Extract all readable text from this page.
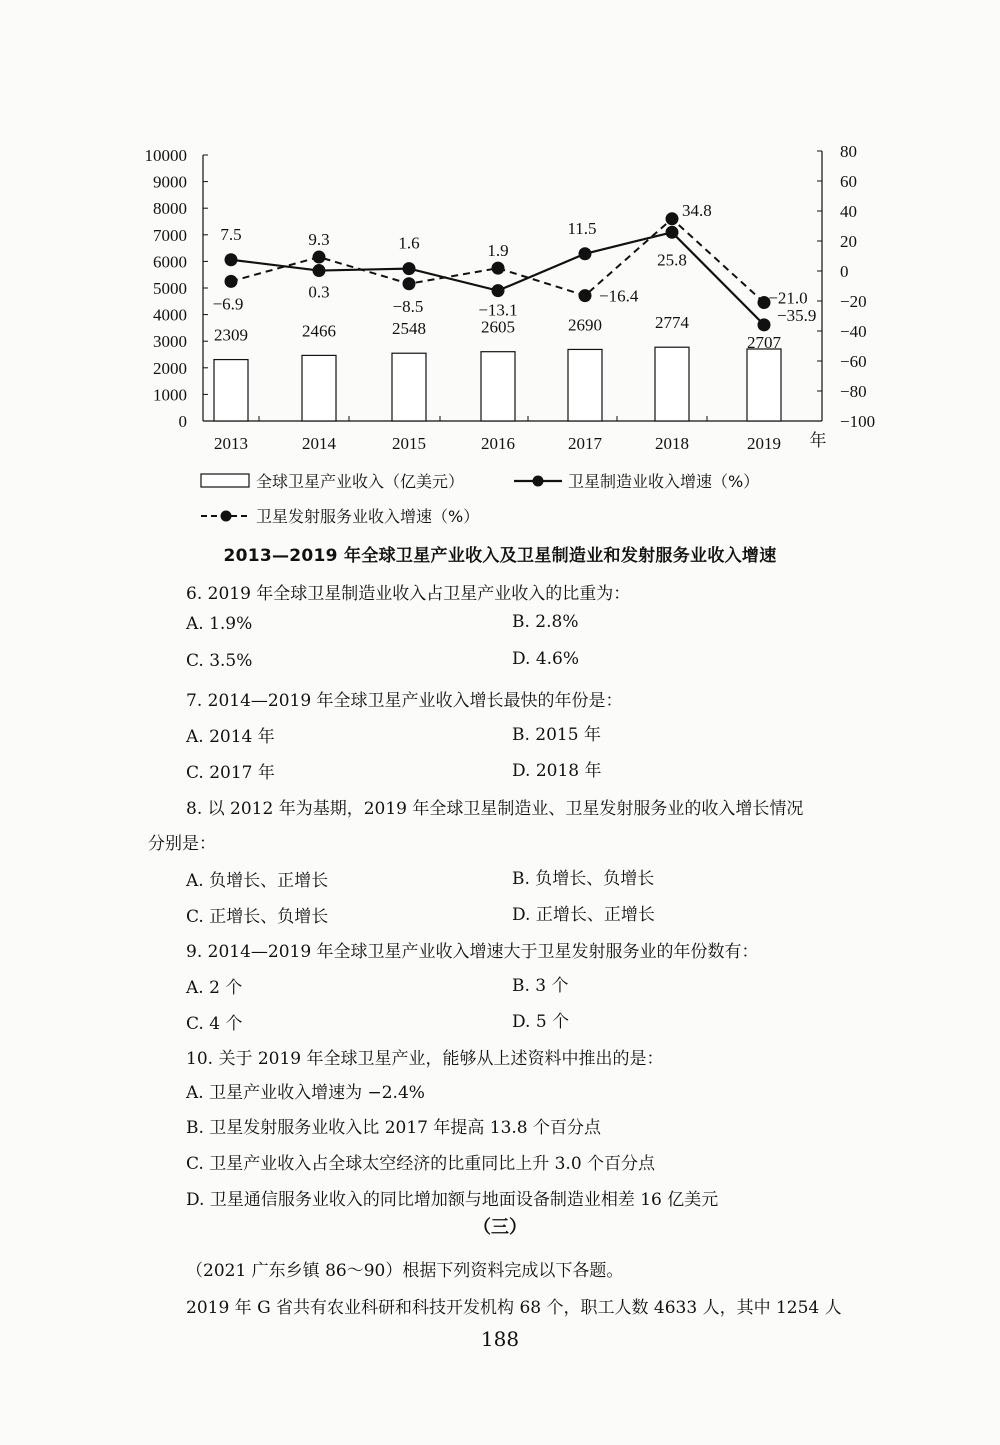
10000
9000
8000
7000
6000
5000
4000
3000
2000
1000
0
80
60
40
20
0
−20
−40
−60
−80
−100
2013	2014	2015	2016	2017	2018	2019 年
2309	2466	2548	2605	2690	2774
2707
7.5
0.3
1.6
−13.1
11.5
25.8
−35.9
−6.9
9.3
−8.5
1.9
−16.4
34.8
−21.0
全球卫星产业收入（亿美元）	卫星制造业收入增速（%）
卫星发射服务业收入增速（%）
2013—2019 年全球卫星产业收入及卫星制造业和发射服务业收入增速
6. 2019 年全球卫星制造业收入占卫星产业收入的比重为：
A. 1.9%	B. 2.8%
C. 3.5%	D. 4.6%
7. 2014—2019 年全球卫星产业收入增长最快的年份是：
A. 2014 年	B. 2015 年
C. 2017 年	D. 2018 年
8. 以 2012 年为基期，2019 年全球卫星制造业、卫星发射服务业的收入增长情况
分别是：
A. 负增长、正增长	B. 负增长、负增长
C. 正增长、负增长	D. 正增长、正增长
9. 2014—2019 年全球卫星产业收入增速大于卫星发射服务业的年份数有：
A. 2 个	B. 3 个
C. 4 个	D. 5 个
10. 关于 2019 年全球卫星产业，能够从上述资料中推出的是：
A. 卫星产业收入增速为 −2.4%
B. 卫星发射服务业收入比 2017 年提高 13.8 个百分点
C. 卫星产业收入占全球太空经济的比重同比上升 3.0 个百分点
D. 卫星通信服务业收入的同比增加额与地面设备制造业相差 16 亿美元
（三）
（2021 广东乡镇 86～90）根据下列资料完成以下各题。
2019 年 G 省共有农业科研和科技开发机构 68 个，职工人数 4633 人，其中 1254 人
188
